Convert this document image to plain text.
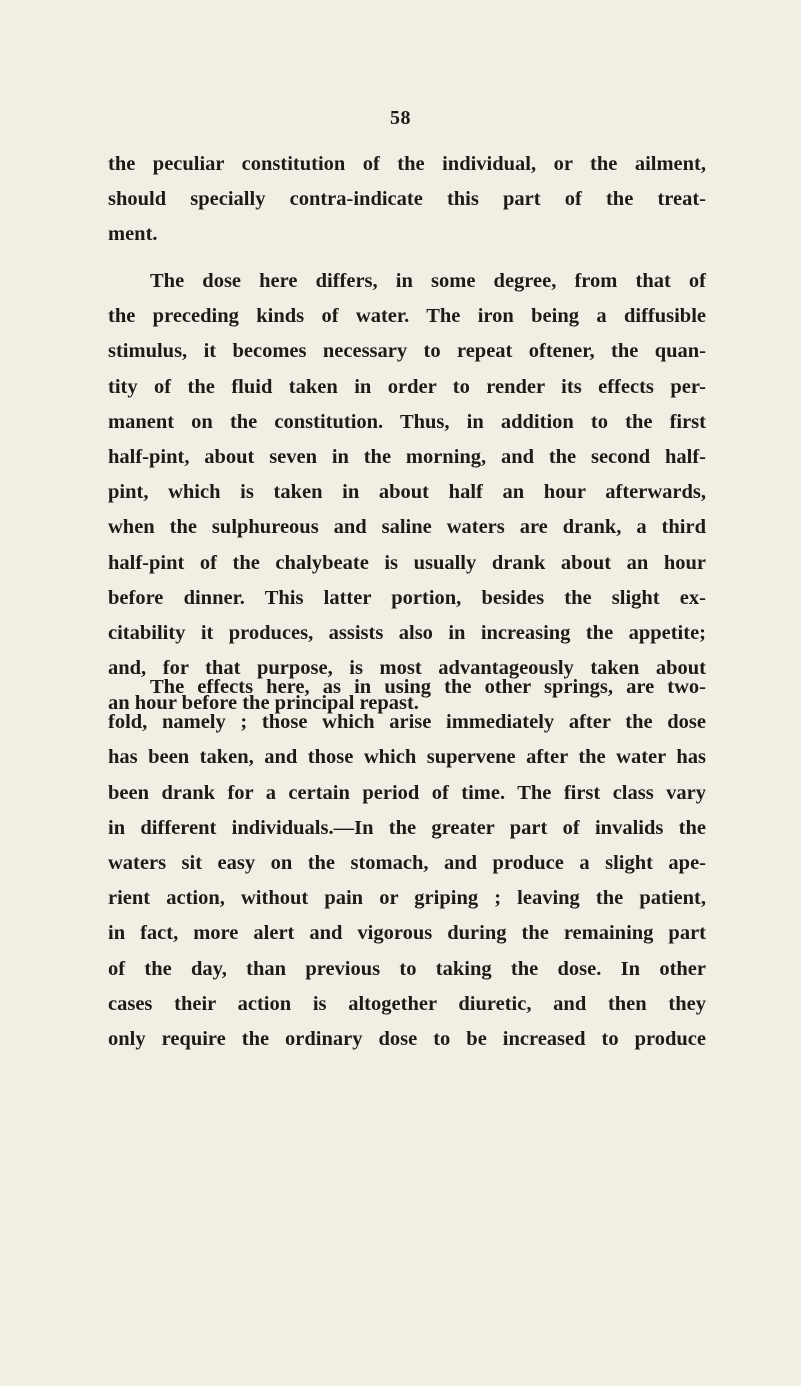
58
the peculiar constitution of the individual, or the ailment,
should specially contra-indicate this part of the treat-
ment.
The dose here differs, in some degree, from that of
the preceding kinds of water. The iron being a diffusible
stimulus, it becomes necessary to repeat oftener, the quan-
tity of the fluid taken in order to render its effects per-
manent on the constitution. Thus, in addition to the first
half-pint, about seven in the morning, and the second half-
pint, which is taken in about half an hour afterwards,
when the sulphureous and saline waters are drank, a third
half-pint of the chalybeate is usually drank about an hour
before dinner. This latter portion, besides the slight ex-
citability it produces, assists also in increasing the appetite;
and, for that purpose, is most advantageously taken about
an hour before the principal repast.
The effects here, as in using the other springs, are two-
fold, namely ; those which arise immediately after the dose
has been taken, and those which supervene after the water has
been drank for a certain period of time. The first class vary
in different individuals.—In the greater part of invalids the
waters sit easy on the stomach, and produce a slight ape-
rient action, without pain or griping ; leaving the patient,
in fact, more alert and vigorous during the remaining part
of the day, than previous to taking the dose. In other
cases their action is altogether diuretic, and then they
only require the ordinary dose to be increased to produce
